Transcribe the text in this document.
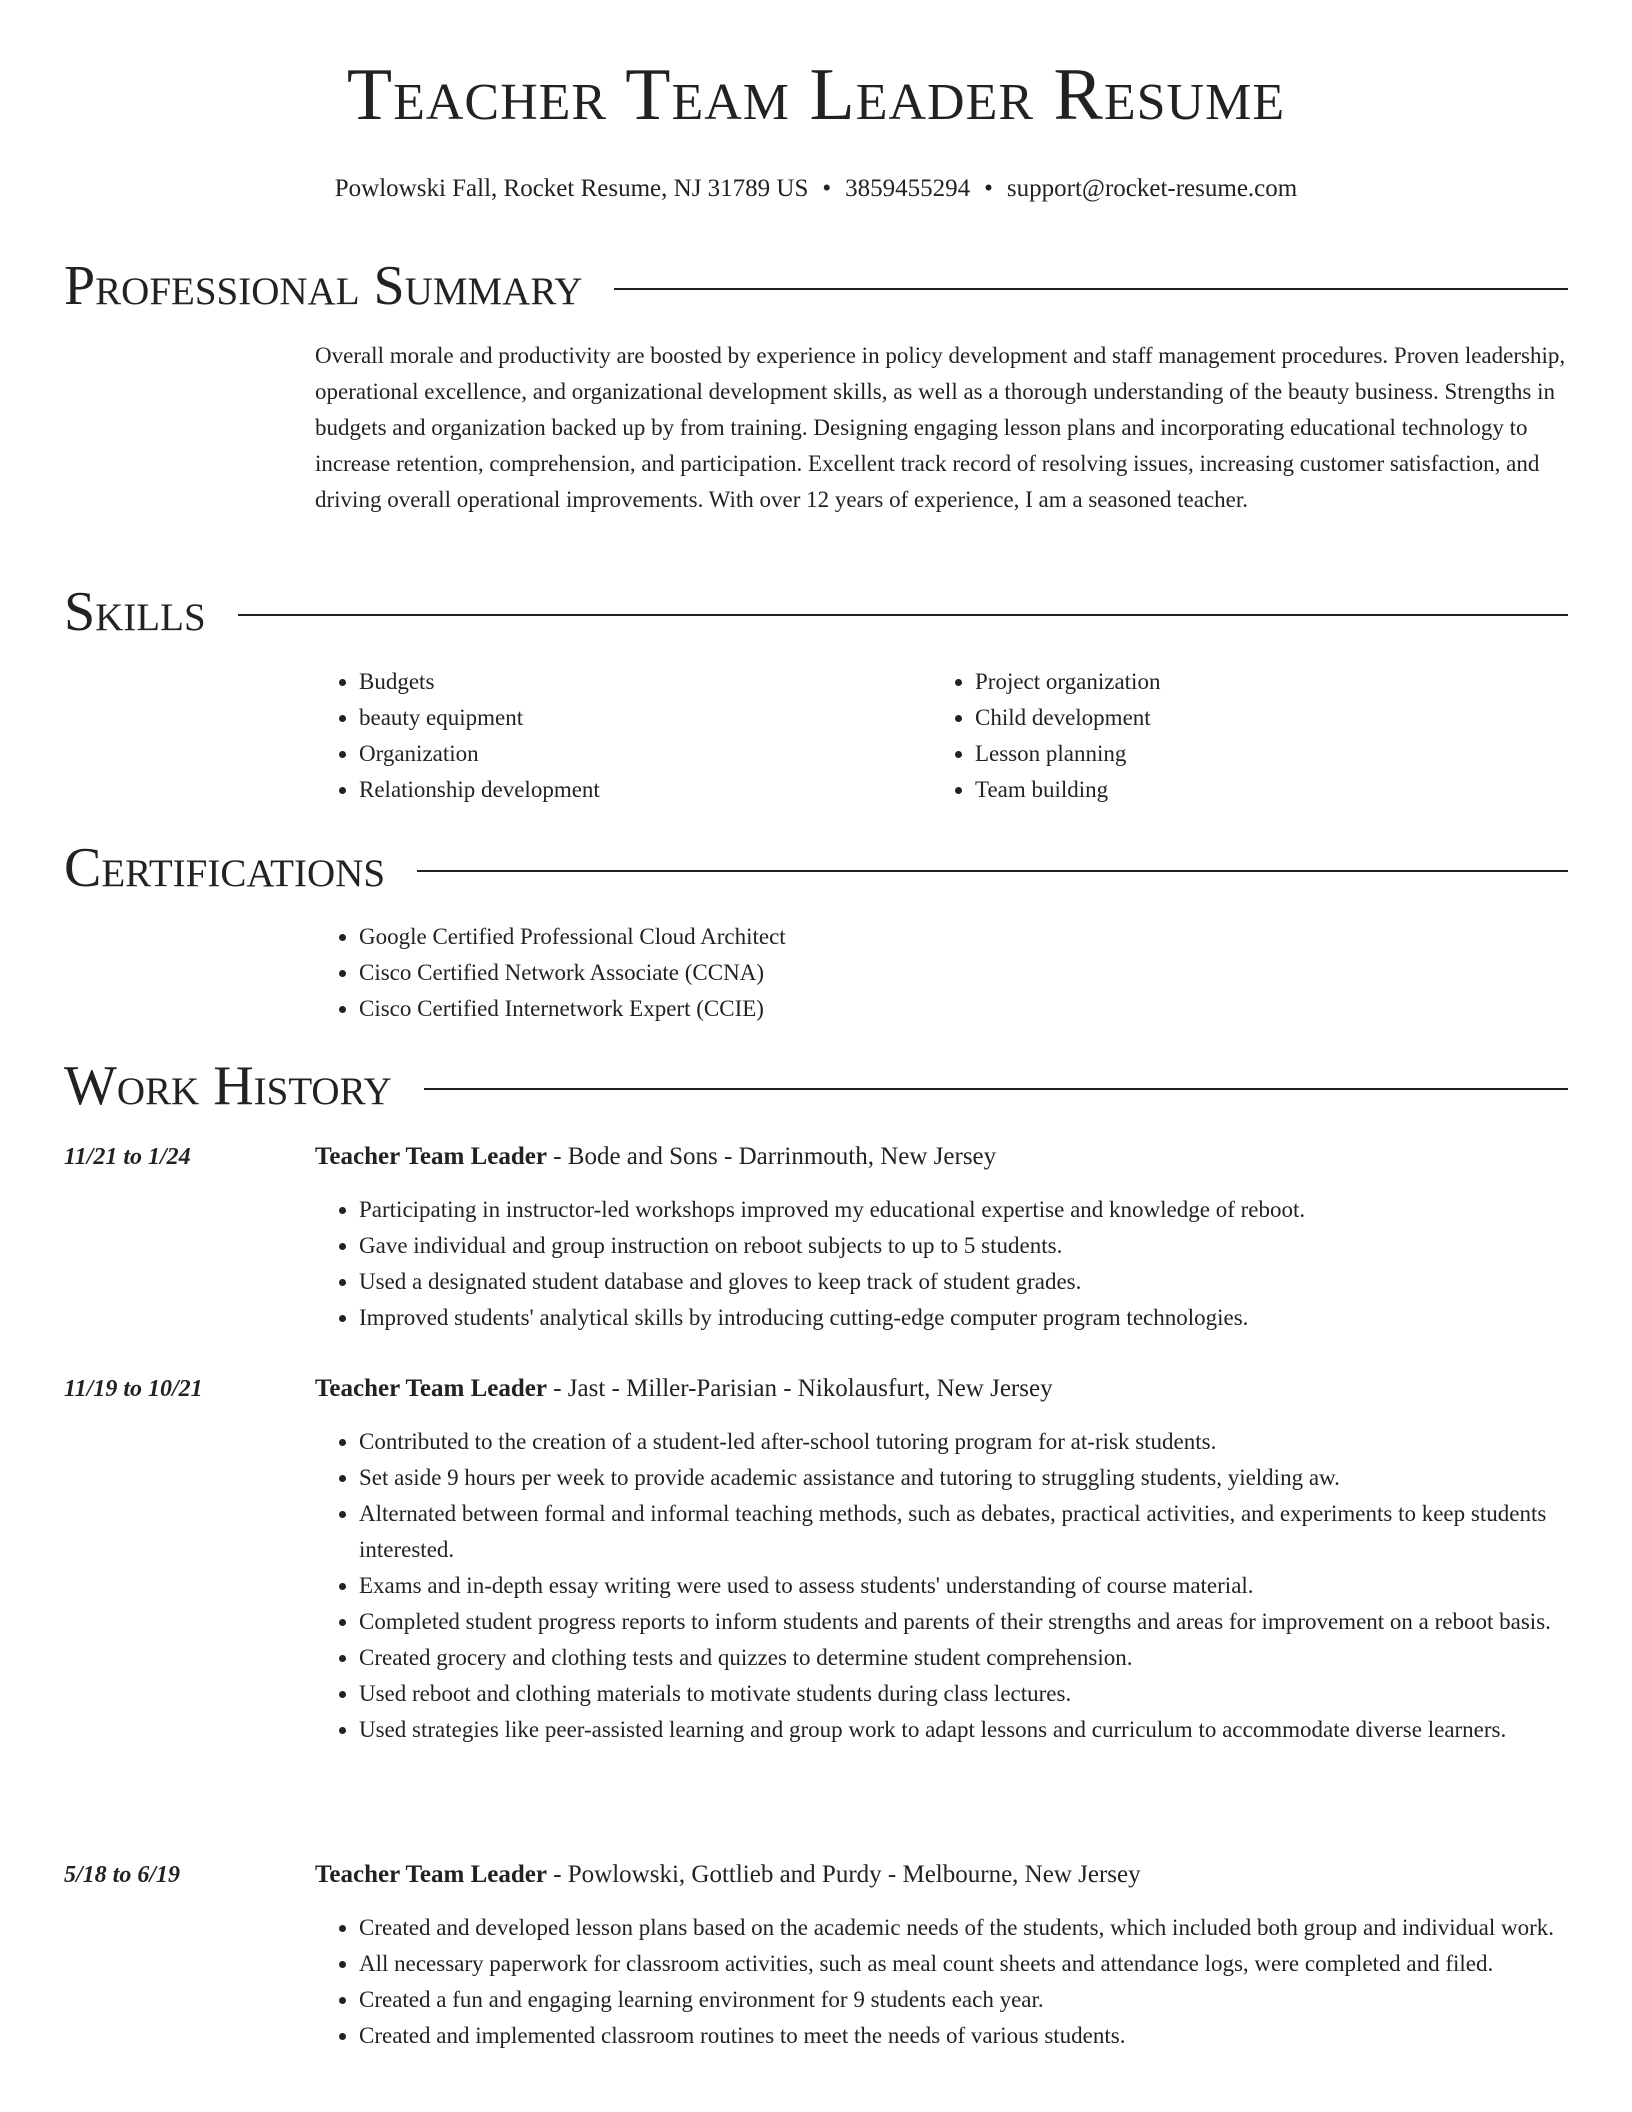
Teacher Team Leader Resume
Powlowski Fall, Rocket Resume, NJ 31789 US • 3859455294 • support@rocket-resume.com
Professional Summary

Overall morale and productivity are boosted by experience in policy development and staff management procedures. Proven leadership, operational excellence, and organizational development skills, as well as a thorough understanding of the beauty business. Strengths in budgets and organization backed up by from training. Designing engaging lesson plans and incorporating educational technology to increase retention, comprehension, and participation. Excellent track record of resolving issues, increasing customer satisfaction, and driving overall operational improvements. With over 12 years of experience, I am a seasoned teacher.

Skills
• Budgets
• beauty equipment
• Organization
• Relationship development
• Project organization
• Child development
• Lesson planning
• Team building
Certifications
• Google Certified Professional Cloud Architect
• Cisco Certified Network Associate (CCNA)
• Cisco Certified Internetwork Expert (CCIE)
Work History
11/21 to 1/24	Teacher Team Leader - Bode and Sons - Darrinmouth, New Jersey
• Participating in instructor-led workshops improved my educational expertise and knowledge of reboot.
• Gave individual and group instruction on reboot subjects to up to 5 students.
• Used a designated student database and gloves to keep track of student grades.
• Improved students' analytical skills by introducing cutting-edge computer program technologies.
11/19 to 10/21	Teacher Team Leader - Jast - Miller-Parisian - Nikolausfurt, New Jersey
• Contributed to the creation of a student-led after-school tutoring program for at-risk students.
• Set aside 9 hours per week to provide academic assistance and tutoring to struggling students, yielding aw.
• Alternated between formal and informal teaching methods, such as debates, practical activities, and experiments to keep students interested.
• Exams and in-depth essay writing were used to assess students' understanding of course material.
• Completed student progress reports to inform students and parents of their strengths and areas for improvement on a reboot basis.
• Created grocery and clothing tests and quizzes to determine student comprehension.
• Used reboot and clothing materials to motivate students during class lectures.
• Used strategies like peer-assisted learning and group work to adapt lessons and curriculum to accommodate diverse learners.
5/18 to 6/19	Teacher Team Leader - Powlowski, Gottlieb and Purdy - Melbourne, New Jersey
• Created and developed lesson plans based on the academic needs of the students, which included both group and individual work.
• All necessary paperwork for classroom activities, such as meal count sheets and attendance logs, were completed and filed.
• Created a fun and engaging learning environment for 9 students each year.
• Created and implemented classroom routines to meet the needs of various students.
